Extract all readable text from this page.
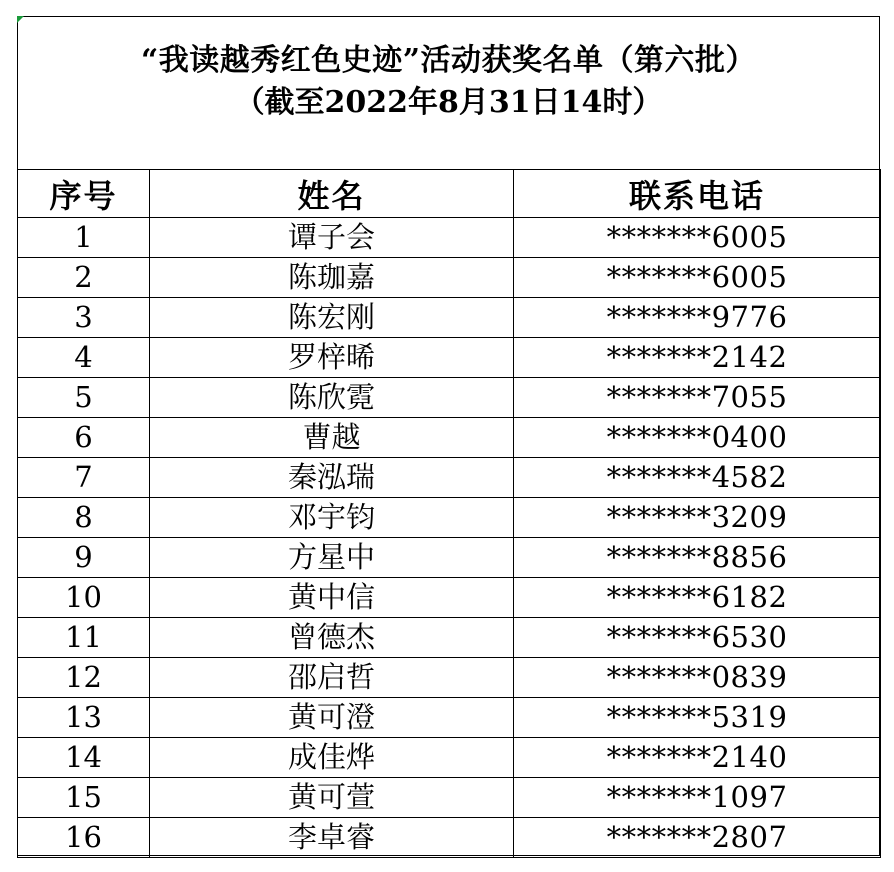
“我读越秀红色史迹”活动获奖名单（第六批）
（截至2022年8月31日14时）
序号	姓名	联系电话
1	谭子会	*******6005
2	陈珈嘉	*******6005
3	陈宏刚	*******9776
4	罗梓晞	*******2142
5	陈欣霓	*******7055
6	曹越	*******0400
7	秦泓瑞	*******4582
8	邓宇钧	*******3209
9	方星中	*******8856
10	黄中信	*******6182
11	曾德杰	*******6530
12	邵启哲	*******0839
13	黄可澄	*******5319
14	成佳烨	*******2140
15	黄可萱	*******1097
16	李卓睿	*******2807
